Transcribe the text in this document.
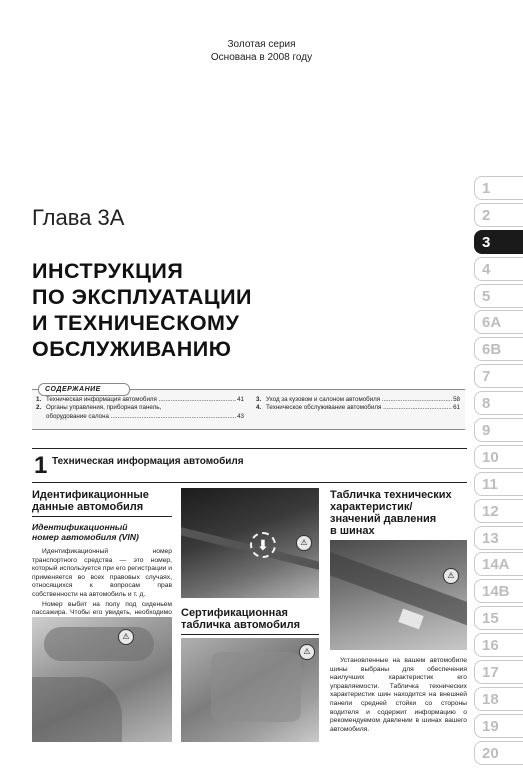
Золотая серия
Основана в 2008 году
Глава 3А
ИНСТРУКЦИЯ
ПО ЭКСПЛУАТАЦИИ
И ТЕХНИЧЕСКОМУ
ОБСЛУЖИВАНИЮ
СОДЕРЖАНИЕ
1. Техническая информация автомобиля .....	41
2. Органы управления, приборная панель,
оборудование салона .....	43
3. Уход за кузовом и салоном автомобиля .....	58
4. Техническое обслуживание автомобиля .....	61
1 Техническая информация автомобиля
Идентификационные
данные автомобиля
Идентификационный
номер автомобиля (VIN)

Идентификационный номер транспортного средства — это номер, который используется при его регистрации и применяется во всех правовых случаях, относящихся к вопросам прав собственности на автомобиль и т. д.

Номер выбит на полу под сиденьем пассажира. Чтобы его увидеть, необходимо

⚠
⬇	⚠
Сертификационная
табличка автомобиля
⚠
Табличка технических
характеристик/
значений давления
в шинах
⚠

Установленные на вашем автомобиле шины выбраны для обеспечения наилучших характеристик его управляемости. Табличка технических характеристик шин находится на внешней панели средней стойки со стороны водителя и содержит информацию о рекомендуемом давлении в шинах вашего автомобиля.

1
2
3
4
5
6A
6B
7
8
9
10
11
12
13
14A
14B
15
16
17
18
19
20
